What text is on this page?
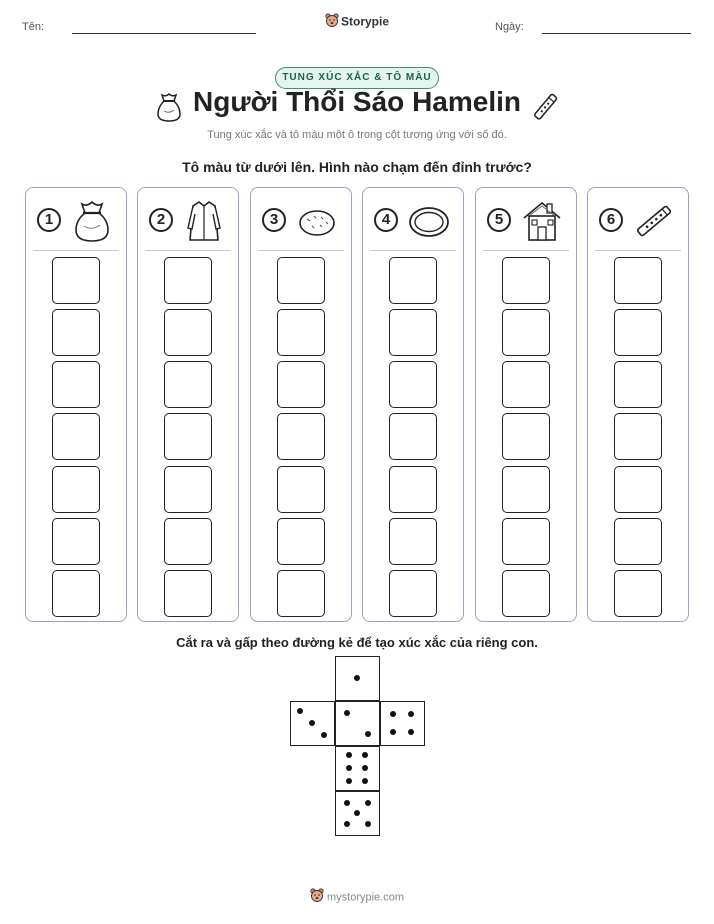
Tên:	Storypie	Ngày:
TUNG XÚC XẮC & TÔ MÀU
Người Thổi Sáo Hamelin
Tung xúc xắc và tô màu một ô trong cột tương ứng với số đó.
Tô màu từ dưới lên. Hình nào chạm đến đỉnh trước?
1	2	3	4	5	6
Cắt ra và gấp theo đường kẻ để tạo xúc xắc của riêng con.
mystorypie.com
